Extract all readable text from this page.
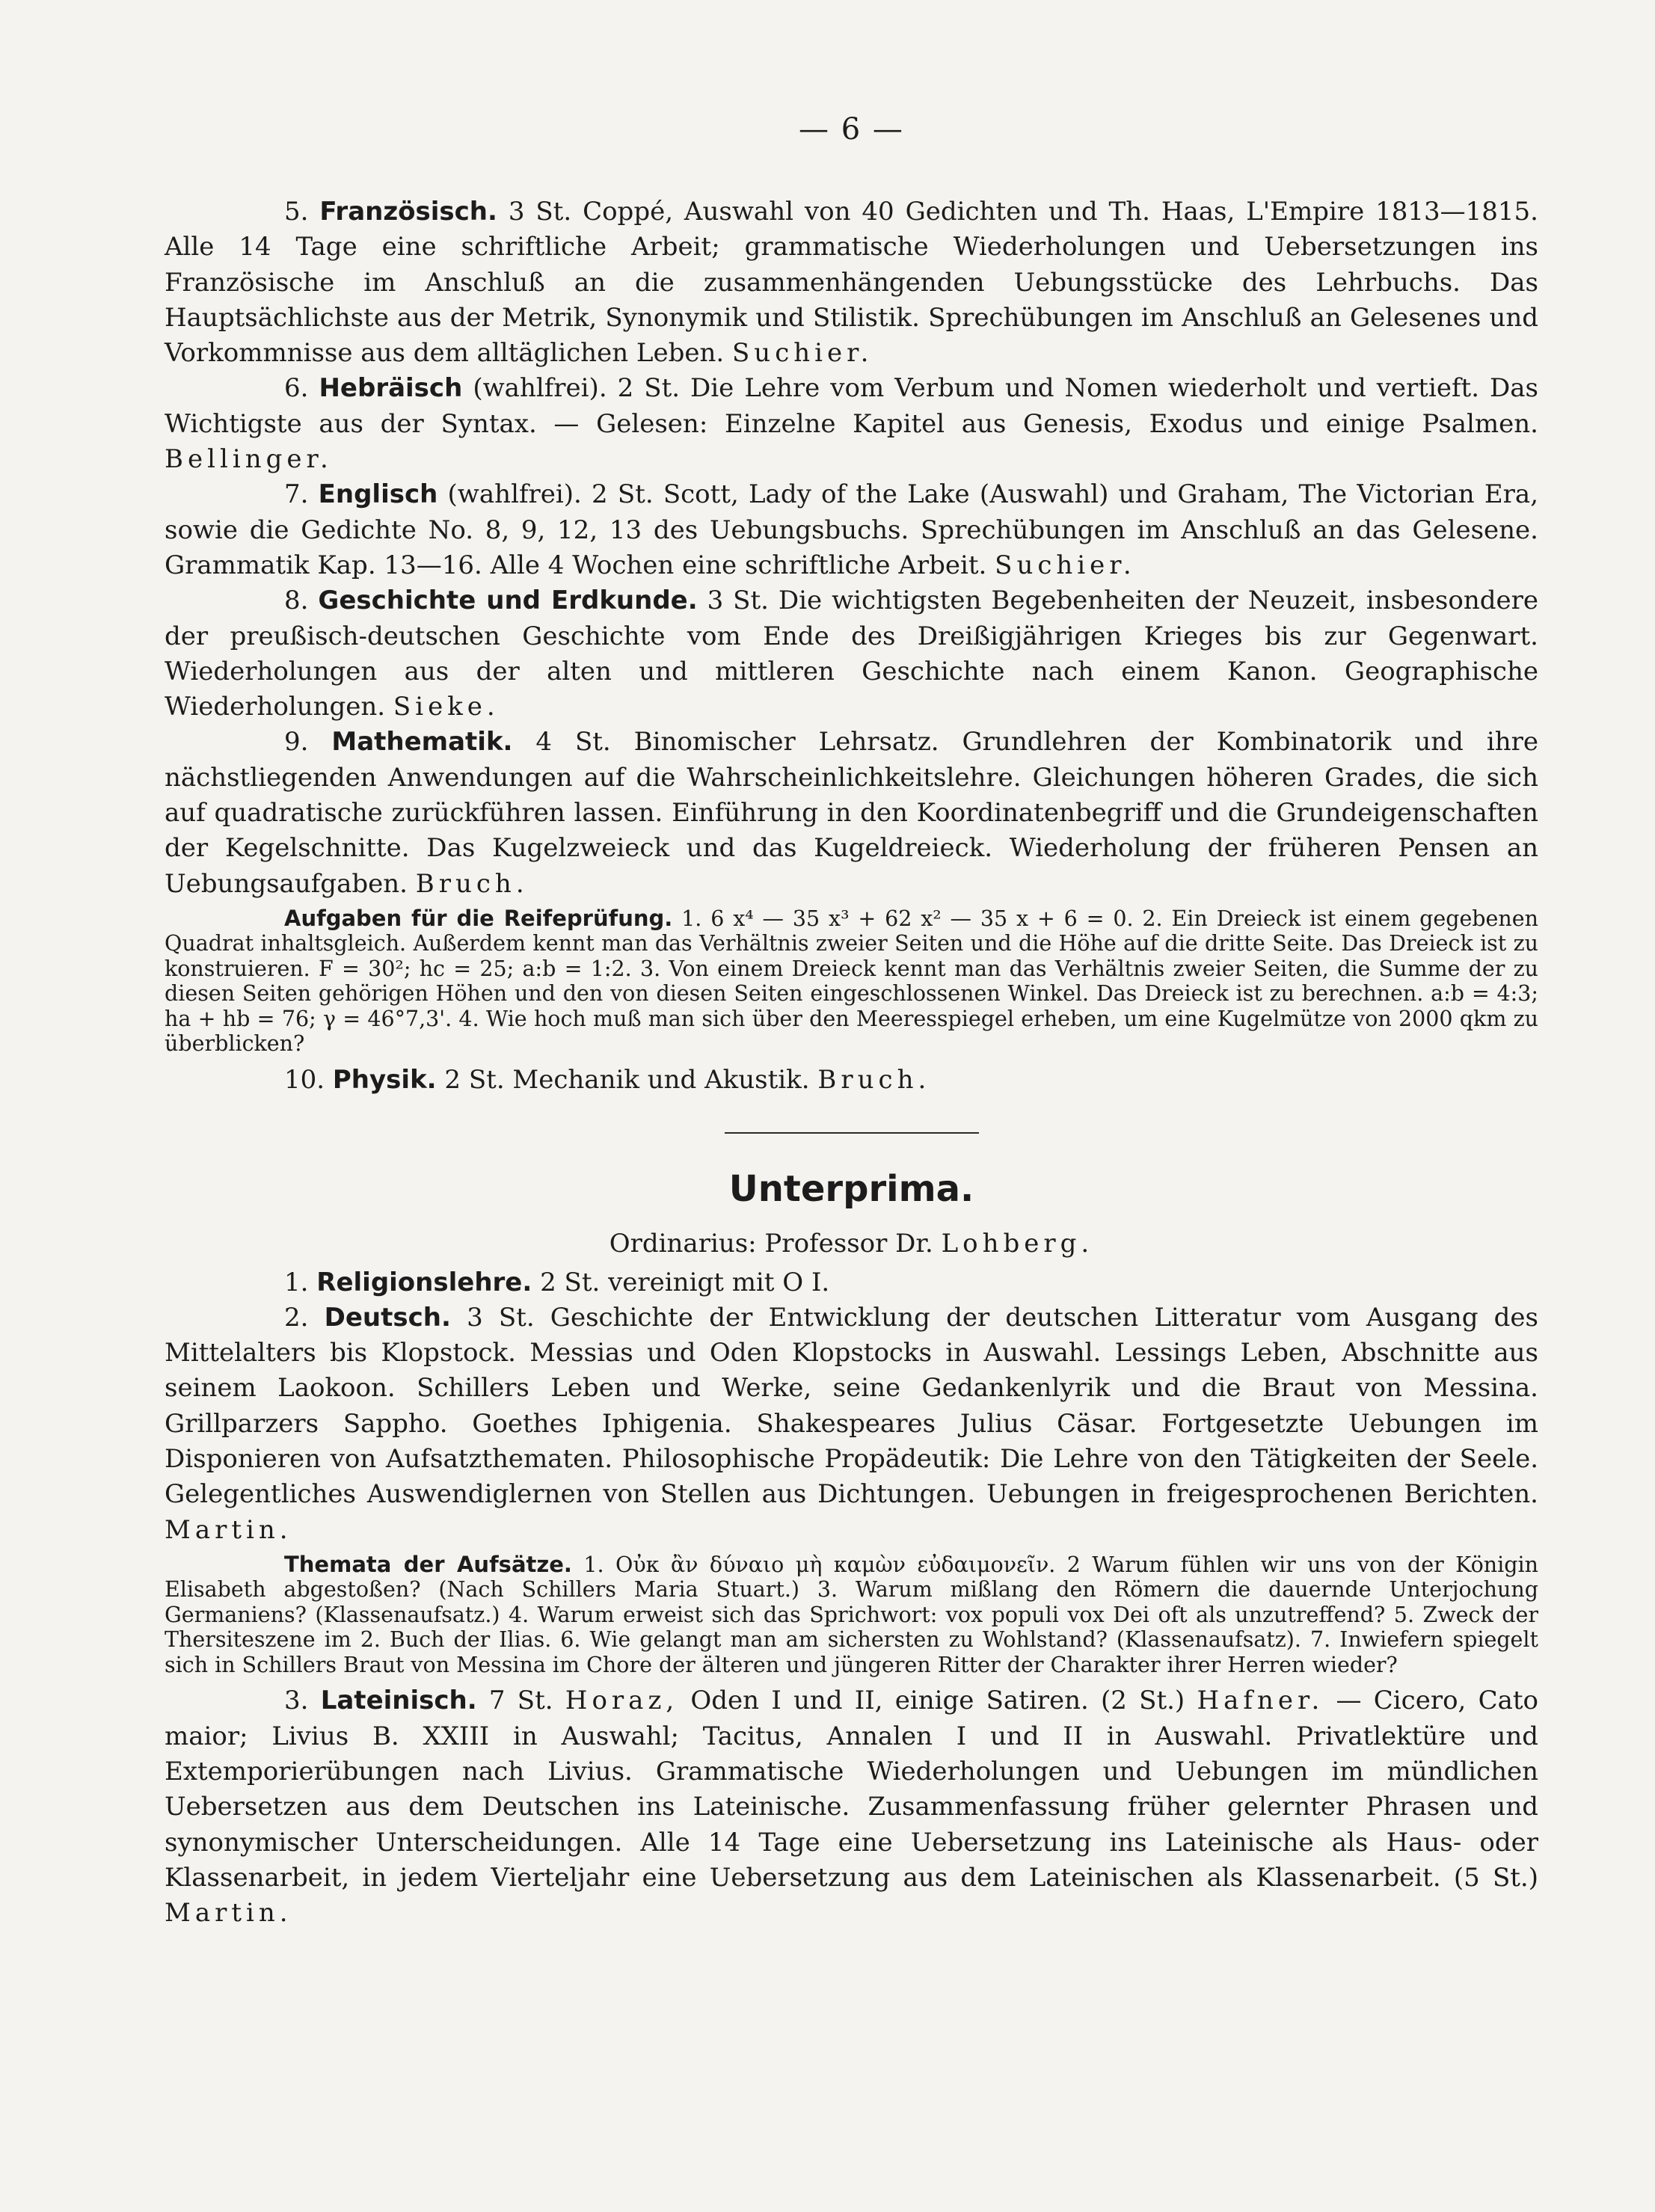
— 6 —

5. Französisch. 3 St. Coppé, Auswahl von 40 Gedichten und Th. Haas, L'Empire 1813—1815. Alle 14 Tage eine schriftliche Arbeit; grammatische Wiederholungen und Uebersetzungen ins Französische im Anschluß an die zusammenhängenden Uebungsstücke des Lehrbuchs. Das Hauptsächlichste aus der Metrik, Synonymik und Stilistik. Sprechübungen im Anschluß an Gelesenes und Vorkommnisse aus dem alltäglichen Leben. Suchier.

6. Hebräisch (wahlfrei). 2 St. Die Lehre vom Verbum und Nomen wiederholt und vertieft. Das Wichtigste aus der Syntax. — Gelesen: Einzelne Kapitel aus Genesis, Exodus und einige Psalmen. Bellinger.

7. Englisch (wahlfrei). 2 St. Scott, Lady of the Lake (Auswahl) und Graham, The Victorian Era, sowie die Gedichte No. 8, 9, 12, 13 des Uebungsbuchs. Sprechübungen im Anschluß an das Gelesene. Grammatik Kap. 13—16. Alle 4 Wochen eine schriftliche Arbeit. Suchier.

8. Geschichte und Erdkunde. 3 St. Die wichtigsten Begebenheiten der Neuzeit, insbesondere der preußisch-deutschen Geschichte vom Ende des Dreißigjährigen Krieges bis zur Gegenwart. Wiederholungen aus der alten und mittleren Geschichte nach einem Kanon. Geographische Wiederholungen. Sieke.

9. Mathematik. 4 St. Binomischer Lehrsatz. Grundlehren der Kombinatorik und ihre nächstliegenden Anwendungen auf die Wahrscheinlichkeitslehre. Gleichungen höheren Grades, die sich auf quadratische zurückführen lassen. Einführung in den Koordinatenbegriff und die Grundeigenschaften der Kegelschnitte. Das Kugelzweieck und das Kugeldreieck. Wiederholung der früheren Pensen an Uebungsaufgaben. Bruch.

Aufgaben für die Reifeprüfung. 1. 6 x⁴ — 35 x³ + 62 x² — 35 x + 6 = 0. 2. Ein Dreieck ist einem gegebenen Quadrat inhaltsgleich. Außerdem kennt man das Verhältnis zweier Seiten und die Höhe auf die dritte Seite. Das Dreieck ist zu konstruieren. F = 30²; hc = 25; a:b = 1:2. 3. Von einem Dreieck kennt man das Verhältnis zweier Seiten, die Summe der zu diesen Seiten gehörigen Höhen und den von diesen Seiten eingeschlossenen Winkel. Das Dreieck ist zu berechnen. a:b = 4:3; ha + hb = 76; γ = 46°7,3'. 4. Wie hoch muß man sich über den Meeresspiegel erheben, um eine Kugelmütze von 2000 qkm zu überblicken?

10. Physik. 2 St. Mechanik und Akustik. Bruch.

Unterprima.
Ordinarius: Professor Dr. Lohberg.

1. Religionslehre. 2 St. vereinigt mit O I.

2. Deutsch. 3 St. Geschichte der Entwicklung der deutschen Litteratur vom Ausgang des Mittelalters bis Klopstock. Messias und Oden Klopstocks in Auswahl. Lessings Leben, Abschnitte aus seinem Laokoon. Schillers Leben und Werke, seine Gedankenlyrik und die Braut von Messina. Grillparzers Sappho. Goethes Iphigenia. Shakespeares Julius Cäsar. Fortgesetzte Uebungen im Disponieren von Aufsatzthematen. Philosophische Propädeutik: Die Lehre von den Tätigkeiten der Seele. Gelegentliches Auswendiglernen von Stellen aus Dichtungen. Uebungen in freigesprochenen Berichten. Martin.

Themata der Aufsätze. 1. Οὐκ ἂν δύναιο μὴ καμὼν εὐδαιμονεῖν. 2 Warum fühlen wir uns von der Königin Elisabeth abgestoßen? (Nach Schillers Maria Stuart.) 3. Warum mißlang den Römern die dauernde Unterjochung Germaniens? (Klassenaufsatz.) 4. Warum erweist sich das Sprichwort: vox populi vox Dei oft als unzutreffend? 5. Zweck der Thersiteszene im 2. Buch der Ilias. 6. Wie gelangt man am sichersten zu Wohlstand? (Klassenaufsatz). 7. Inwiefern spiegelt sich in Schillers Braut von Messina im Chore der älteren und jüngeren Ritter der Charakter ihrer Herren wieder?

3. Lateinisch. 7 St. Horaz, Oden I und II, einige Satiren. (2 St.) Hafner. — Cicero, Cato maior; Livius B. XXIII in Auswahl; Tacitus, Annalen I und II in Auswahl. Privatlektüre und Extemporierübungen nach Livius. Grammatische Wiederholungen und Uebungen im mündlichen Uebersetzen aus dem Deutschen ins Lateinische. Zusammenfassung früher gelernter Phrasen und synonymischer Unterscheidungen. Alle 14 Tage eine Uebersetzung ins Lateinische als Haus- oder Klassenarbeit, in jedem Vierteljahr eine Uebersetzung aus dem Lateinischen als Klassenarbeit. (5 St.) Martin.
